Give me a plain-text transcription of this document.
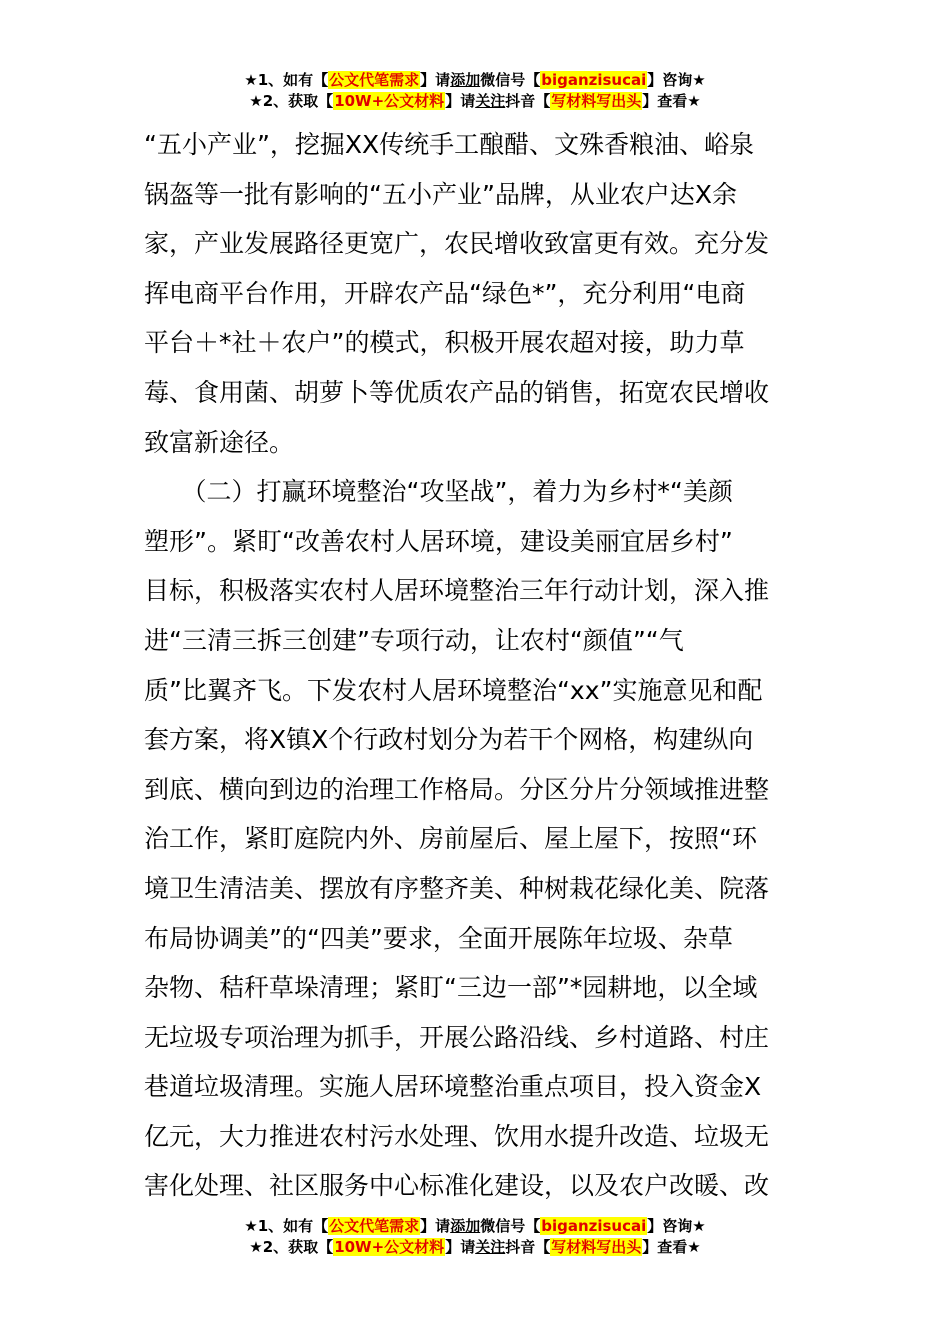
★1、如有【公文代笔需求】请添加微信号【biganzisucai】咨询★
★2、获取【10W+公文材料】请关注抖音【写材料写出头】查看★
“五小产业”，挖掘XX传统手工酿醋、文殊香粮油、峪泉
锅盔等一批有影响的“五小产业”品牌，从业农户达X余
家，产业发展路径更宽广，农民增收致富更有效。充分发
挥电商平台作用，开辟农产品“绿色*”，充分利用“电商
平台＋*社＋农户”的模式，积极开展农超对接，助力草
莓、食用菌、胡萝卜等优质农产品的销售，拓宽农民增收
致富新途径。
　　（二）打赢环境整治“攻坚战”，着力为乡村*“美颜
塑形”。紧盯“改善农村人居环境，建设美丽宜居乡村”
目标，积极落实农村人居环境整治三年行动计划，深入推
进“三清三拆三创建”专项行动，让农村“颜值”“气
质”比翼齐飞。下发农村人居环境整治“xx”实施意见和配
套方案，将X镇X个行政村划分为若干个网格，构建纵向
到底、横向到边的治理工作格局。分区分片分领域推进整
治工作，紧盯庭院内外、房前屋后、屋上屋下，按照“环
境卫生清洁美、摆放有序整齐美、种树栽花绿化美、院落
布局协调美”的“四美”要求，全面开展陈年垃圾、杂草
杂物、秸秆草垛清理；紧盯“三边一部”*园耕地，以全域
无垃圾专项治理为抓手，开展公路沿线、乡村道路、村庄
巷道垃圾清理。实施人居环境整治重点项目，投入资金X
亿元，大力推进农村污水处理、饮用水提升改造、垃圾无
害化处理、社区服务中心标准化建设，以及农户改暖、改
★1、如有【公文代笔需求】请添加微信号【biganzisucai】咨询★
★2、获取【10W+公文材料】请关注抖音【写材料写出头】查看★
